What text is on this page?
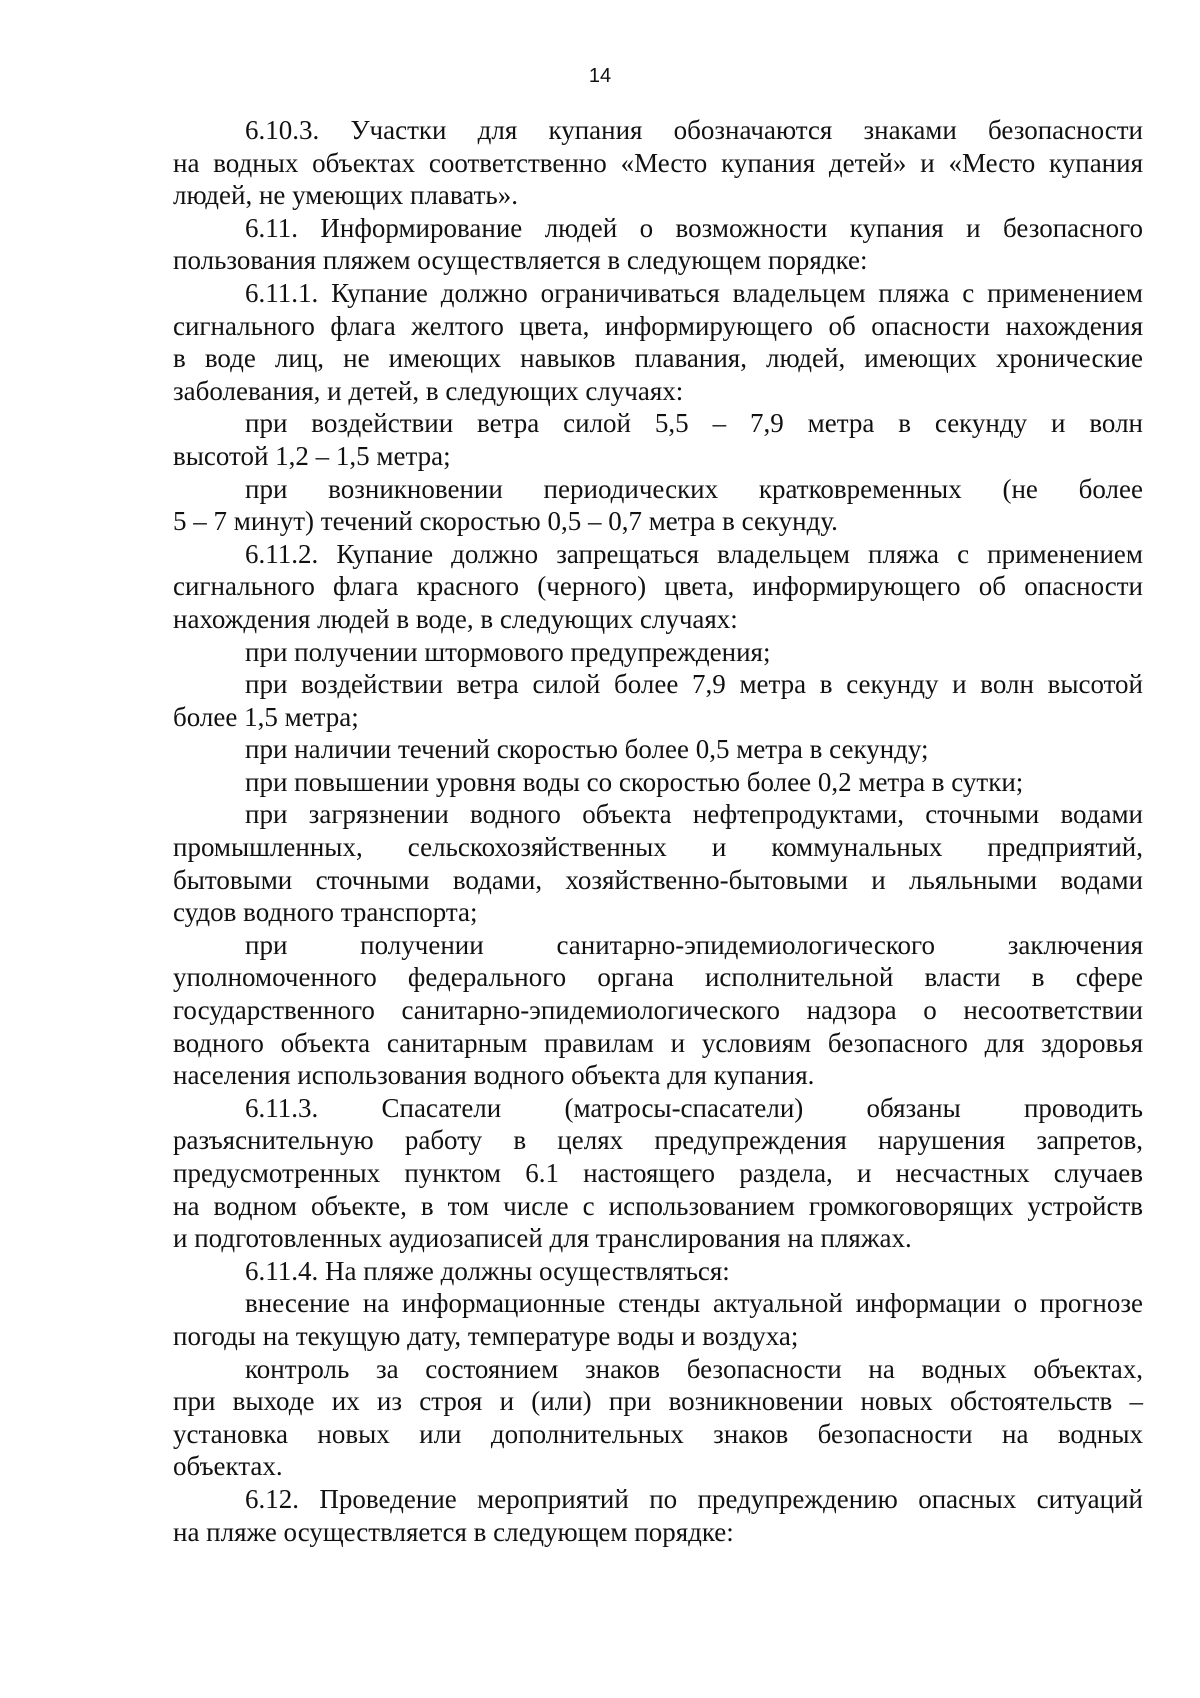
14
6.10.3. Участки для купания обозначаются знаками безопасности
на водных объектах соответственно «Место купания детей» и «Место купания
людей, не умеющих плавать».
6.11. Информирование людей о возможности купания и безопасного
пользования пляжем осуществляется в следующем порядке:
6.11.1. Купание должно ограничиваться владельцем пляжа с применением
сигнального флага желтого цвета, информирующего об опасности нахождения
в воде лиц, не имеющих навыков плавания, людей, имеющих хронические
заболевания, и детей, в следующих случаях:
при воздействии ветра силой 5,5 – 7,9 метра в секунду и волн
высотой 1,2 – 1,5 метра;
при возникновении периодических кратковременных (не более
5 – 7 минут) течений скоростью 0,5 – 0,7 метра в секунду.
6.11.2. Купание должно запрещаться владельцем пляжа с применением
сигнального флага красного (черного) цвета, информирующего об опасности
нахождения людей в воде, в следующих случаях:
при получении штормового предупреждения;
при воздействии ветра силой более 7,9 метра в секунду и волн высотой
более 1,5 метра;
при наличии течений скоростью более 0,5 метра в секунду;
при повышении уровня воды со скоростью более 0,2 метра в сутки;
при загрязнении водного объекта нефтепродуктами, сточными водами
промышленных, сельскохозяйственных и коммунальных предприятий,
бытовыми сточными водами, хозяйственно-бытовыми и льяльными водами
судов водного транспорта;
при получении санитарно-эпидемиологического заключения
уполномоченного федерального органа исполнительной власти в сфере
государственного санитарно-эпидемиологического надзора о несоответствии
водного объекта санитарным правилам и условиям безопасного для здоровья
населения использования водного объекта для купания.
6.11.3. Спасатели (матросы-спасатели) обязаны проводить
разъяснительную работу в целях предупреждения нарушения запретов,
предусмотренных пунктом 6.1 настоящего раздела, и несчастных случаев
на водном объекте, в том числе с использованием громкоговорящих устройств
и подготовленных аудиозаписей для транслирования на пляжах.
6.11.4. На пляже должны осуществляться:
внесение на информационные стенды актуальной информации о прогнозе
погоды на текущую дату, температуре воды и воздуха;
контроль за состоянием знаков безопасности на водных объектах,
при выходе их из строя и (или) при возникновении новых обстоятельств –
установка новых или дополнительных знаков безопасности на водных
объектах.
6.12. Проведение мероприятий по предупреждению опасных ситуаций
на пляже осуществляется в следующем порядке:
